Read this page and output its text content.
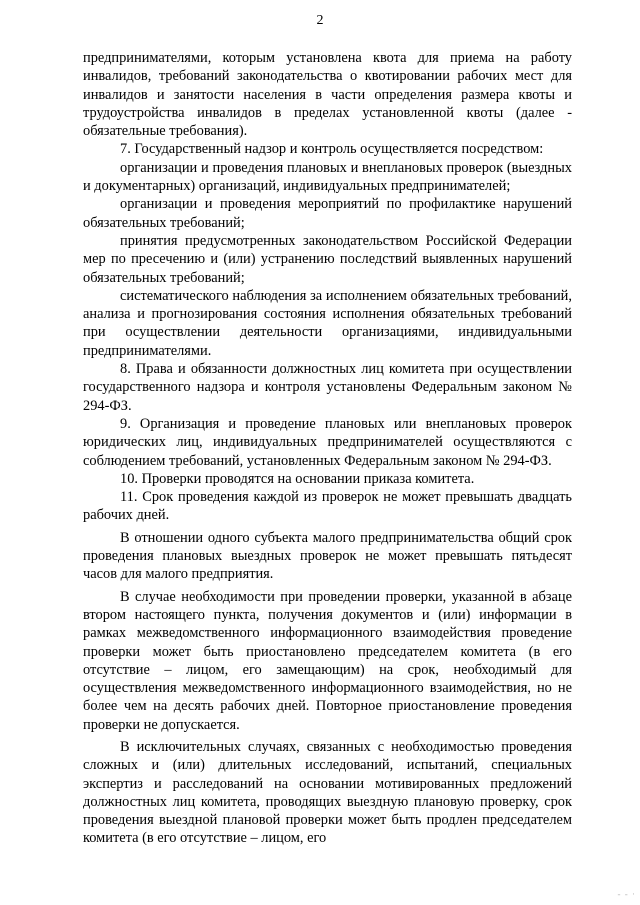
2

предпринимателями, которым установлена квота для приема на работу инвалидов, требований законодательства о квотировании рабочих мест для инвалидов и занятости населения в части определения размера квоты и трудоустройства инвалидов в пределах установленной квоты (далее - обязательные требования).

7. Государственный надзор и контроль осуществляется посредством:

организации и проведения плановых и внеплановых проверок (выездных и документарных) организаций, индивидуальных предпринимателей;

организации и проведения мероприятий по профилактике нарушений обязательных требований;

принятия предусмотренных законодательством Российской Федерации мер по пресечению и (или) устранению последствий выявленных нарушений обязательных требований;

систематического наблюдения за исполнением обязательных требований, анализа и прогнозирования состояния исполнения обязательных требований при осуществлении деятельности организациями, индивидуальными предпринимателями.

8. Права и обязанности должностных лиц комитета при осуществлении государственного надзора и контроля установлены Федеральным законом № 294-ФЗ.

9. Организация и проведение плановых или внеплановых проверок юридических лиц, индивидуальных предпринимателей осуществляются с соблюдением требований, установленных Федеральным законом № 294-ФЗ.

10. Проверки проводятся на основании приказа комитета.

11. Срок проведения каждой из проверок не может превышать двадцать рабочих дней.

В отношении одного субъекта малого предпринимательства общий срок проведения плановых выездных проверок не может превышать пятьдесят часов для малого предприятия.

В случае необходимости при проведении проверки, указанной в абзаце втором настоящего пункта, получения документов и (или) информации в рамках межведомственного информационного взаимодействия проведение проверки может быть приостановлено председателем комитета (в его отсутствие – лицом, его замещающим) на срок, необходимый для осуществления межведомственного информационного взаимодействия, но не более чем на десять рабочих дней. Повторное приостановление проведения проверки не допускается.

В исключительных случаях, связанных с необходимостью проведения сложных и (или) длительных исследований, испытаний, специальных экспертиз и расследований на основании мотивированных предложений должностных лиц комитета, проводящих выездную плановую проверку, срок проведения выездной плановой проверки может быть продлен председателем комитета (в его отсутствие – лицом, его

- - ·
